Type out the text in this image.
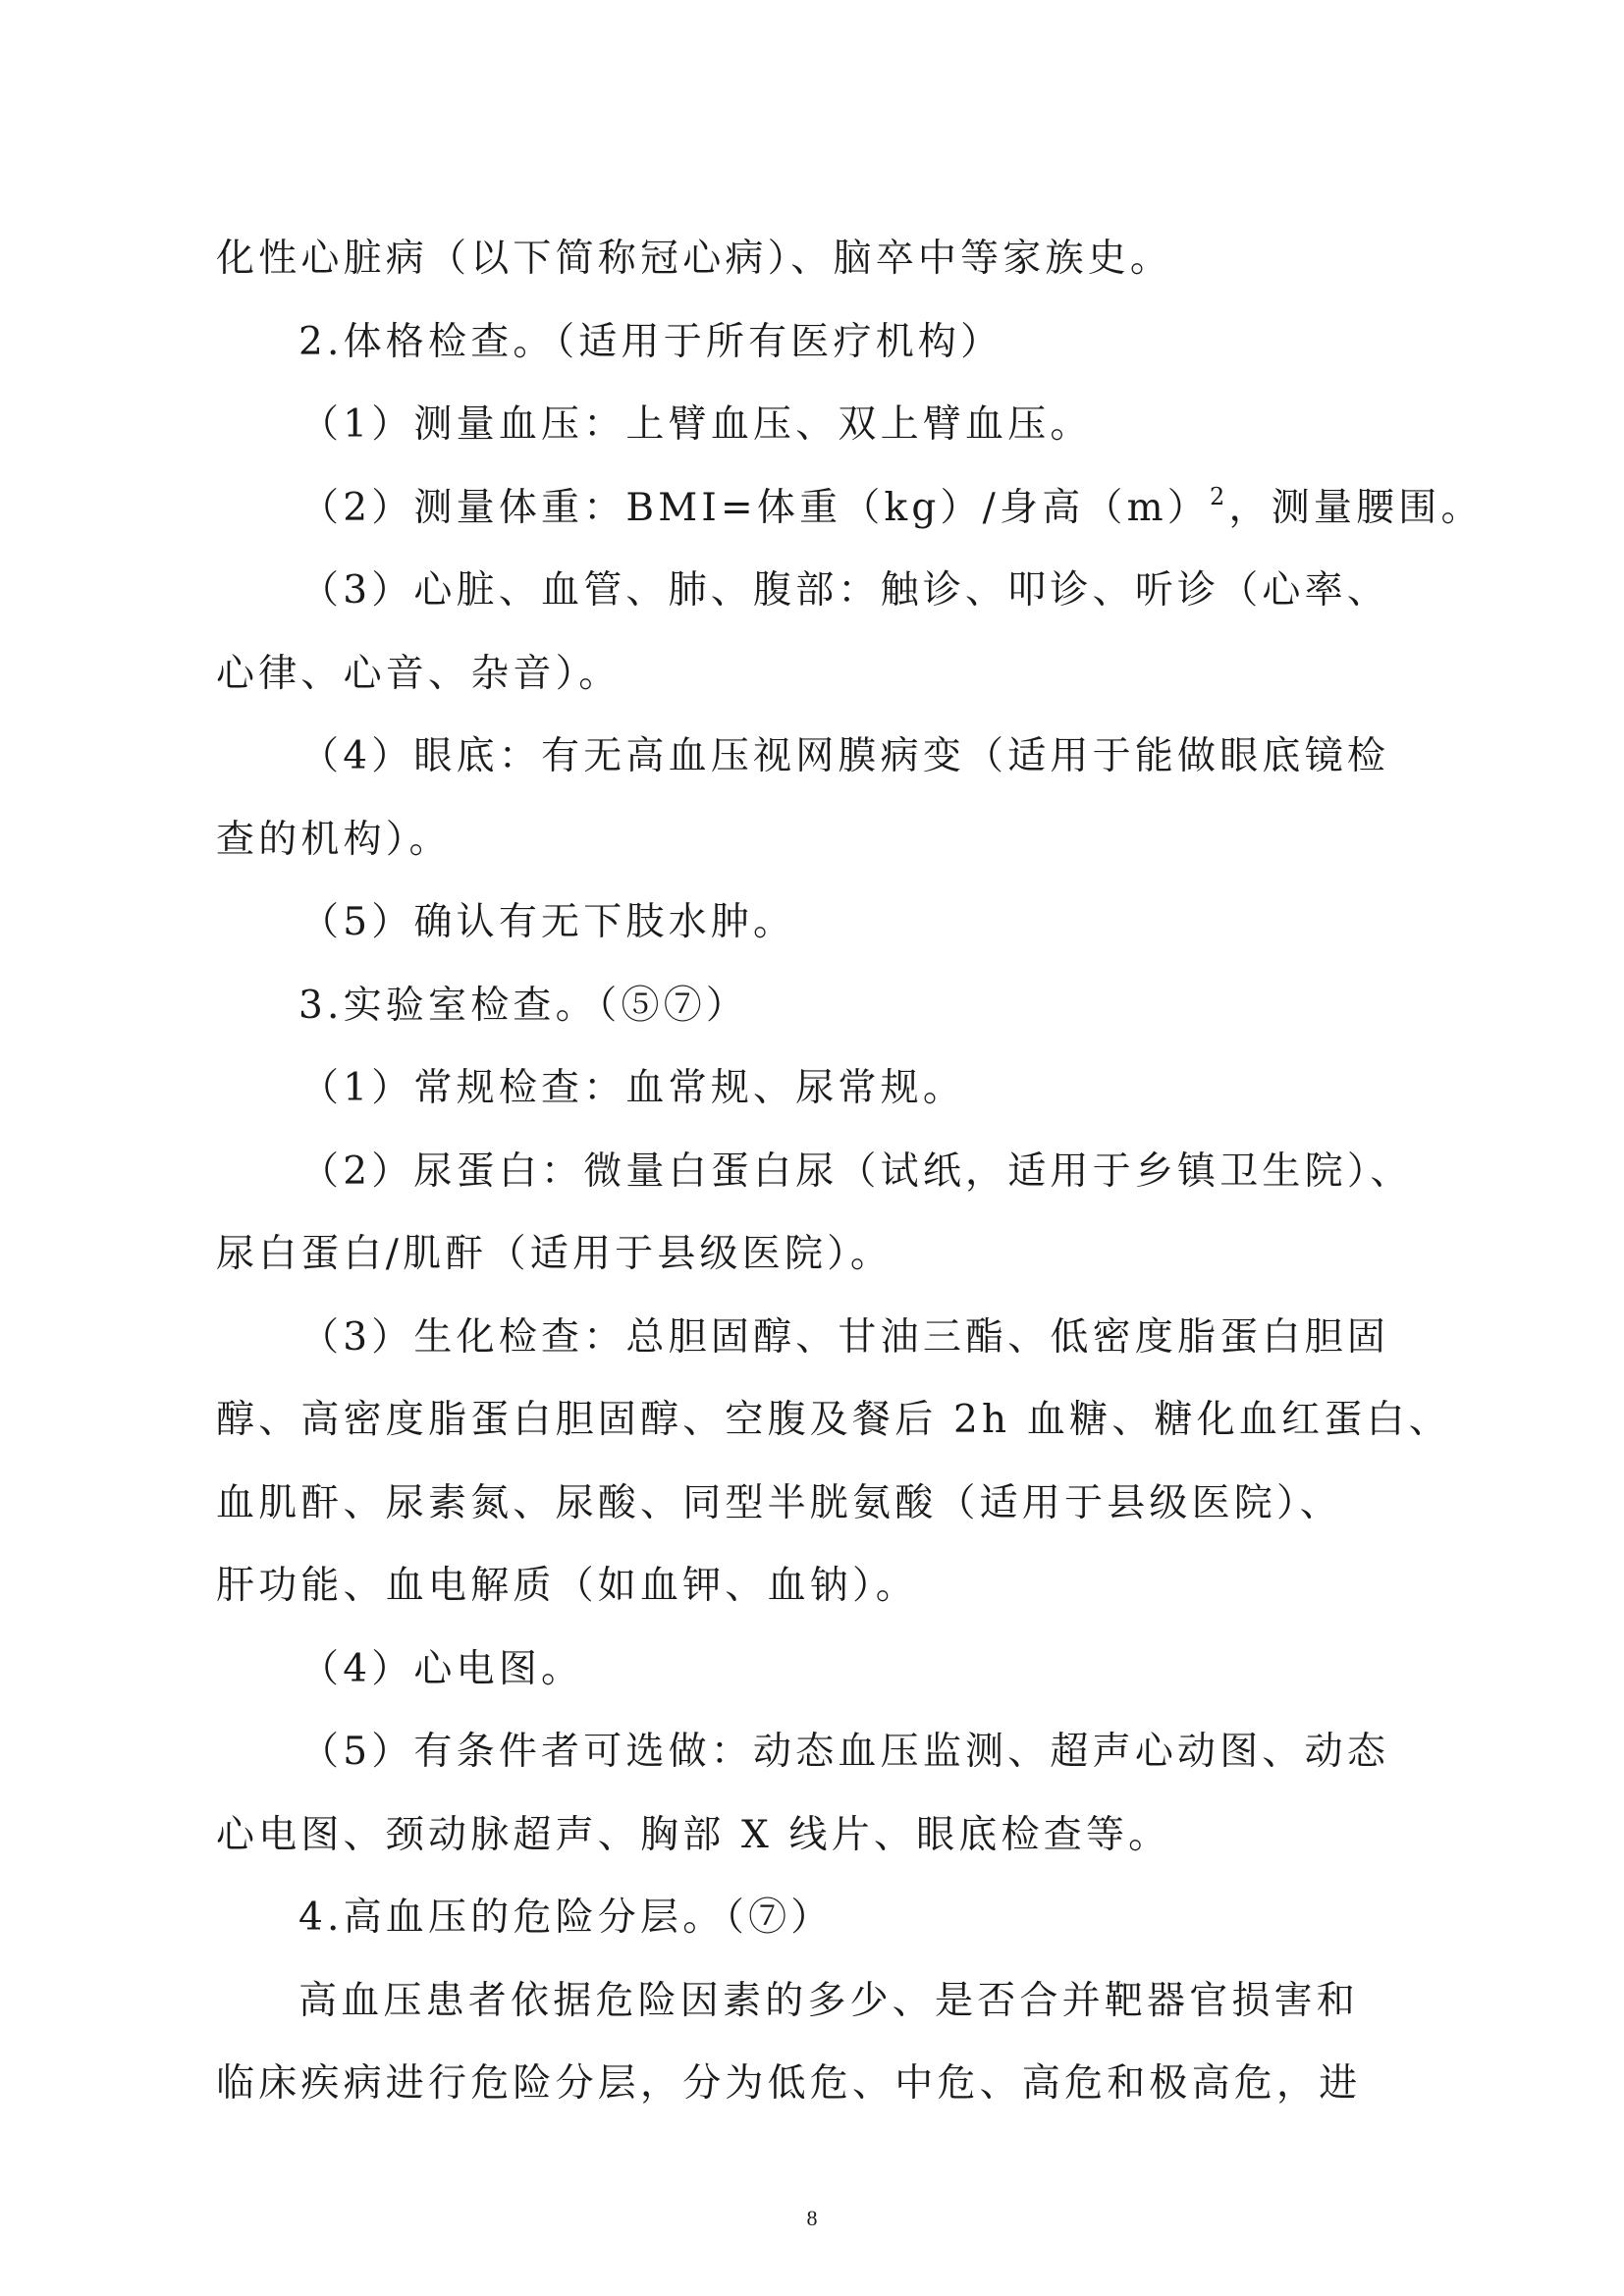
化性心脏病（以下简称冠心病）、脑卒中等家族史。
2.体格检查。（适用于所有医疗机构）
（1）测量血压：上臂血压、双上臂血压。
（2）测量体重：BMI=体重（kg）/身高$(m)^2$，测量腰围。
（3）心脏、血管、肺、腹部：触诊、叩诊、听诊（心率、
心律、心音、杂音）。
（4）眼底：有无高血压视网膜病变（适用于能做眼底镜检
查的机构）。
（5）确认有无下肢水肿。
3.实验室检查。（⑤⑦）
（1）常规检查：血常规、尿常规。
（2）尿蛋白：微量白蛋白尿（试纸，适用于乡镇卫生院）、
尿白蛋白/肌酐（适用于县级医院）。
（3）生化检查：总胆固醇、甘油三酯、低密度脂蛋白胆固
醇、高密度脂蛋白胆固醇、空腹及餐后 2h 血糖、糖化血红蛋白、
血肌酐、尿素氮、尿酸、同型半胱氨酸（适用于县级医院）、
肝功能、血电解质（如血钾、血钠）。
（4）心电图。
（5）有条件者可选做：动态血压监测、超声心动图、动态
心电图、颈动脉超声、胸部 X 线片、眼底检查等。
4.高血压的危险分层。（⑦）
高血压患者依据危险因素的多少、是否合并靶器官损害和
临床疾病进行危险分层，分为低危、中危、高危和极高危，进
8
